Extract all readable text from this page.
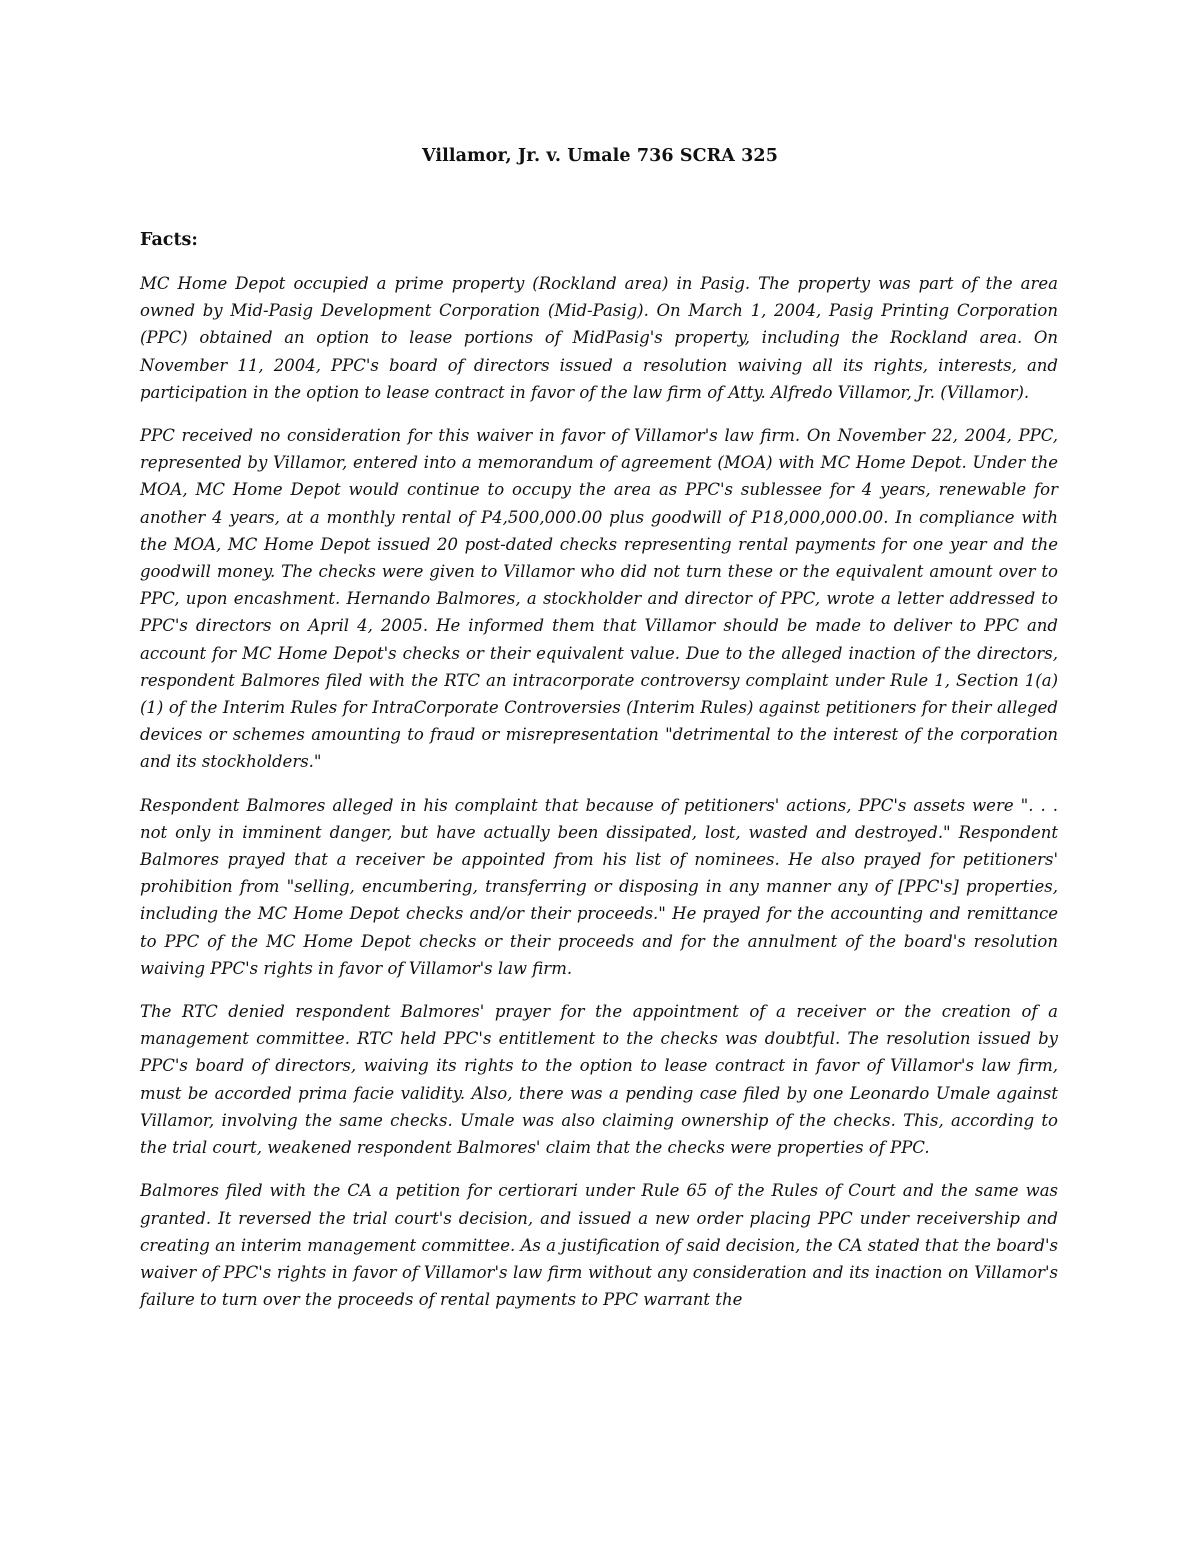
Villamor, Jr. v. Umale 736 SCRA 325
Facts:

MC Home Depot occupied a prime property (Rockland area) in Pasig. The property was part of the area owned by Mid-Pasig Development Corporation (Mid-Pasig). On March 1, 2004, Pasig Printing Corporation (PPC) obtained an option to lease portions of MidPasig's property, including the Rockland area. On November 11, 2004, PPC's board of directors issued a resolution waiving all its rights, interests, and participation in the option to lease contract in favor of the law firm of Atty. Alfredo Villamor, Jr. (Villamor).

PPC received no consideration for this waiver in favor of Villamor's law firm. On November 22, 2004, PPC, represented by Villamor, entered into a memorandum of agreement (MOA) with MC Home Depot. Under the MOA, MC Home Depot would continue to occupy the area as PPC's sublessee for 4 years, renewable for another 4 years, at a monthly rental of P4,500,000.00 plus goodwill of P18,000,000.00. In compliance with the MOA, MC Home Depot issued 20 post-dated checks representing rental payments for one year and the goodwill money. The checks were given to Villamor who did not turn these or the equivalent amount over to PPC, upon encashment. Hernando Balmores, a stockholder and director of PPC, wrote a letter addressed to PPC's directors on April 4, 2005. He informed them that Villamor should be made to deliver to PPC and account for MC Home Depot's checks or their equivalent value. Due to the alleged inaction of the directors, respondent Balmores filed with the RTC an intracorporate controversy complaint under Rule 1, Section 1(a)(1) of the Interim Rules for IntraCorporate Controversies (Interim Rules) against petitioners for their alleged devices or schemes amounting to fraud or misrepresentation "detrimental to the interest of the corporation and its stockholders."

Respondent Balmores alleged in his complaint that because of petitioners' actions, PPC's assets were ". . . not only in imminent danger, but have actually been dissipated, lost, wasted and destroyed." Respondent Balmores prayed that a receiver be appointed from his list of nominees. He also prayed for petitioners' prohibition from "selling, encumbering, transferring or disposing in any manner any of [PPC's] properties, including the MC Home Depot checks and/or their proceeds." He prayed for the accounting and remittance to PPC of the MC Home Depot checks or their proceeds and for the annulment of the board's resolution waiving PPC's rights in favor of Villamor's law firm.

The RTC denied respondent Balmores' prayer for the appointment of a receiver or the creation of a management committee. RTC held PPC's entitlement to the checks was doubtful. The resolution issued by PPC's board of directors, waiving its rights to the option to lease contract in favor of Villamor's law firm, must be accorded prima facie validity. Also, there was a pending case filed by one Leonardo Umale against Villamor, involving the same checks. Umale was also claiming ownership of the checks. This, according to the trial court, weakened respondent Balmores' claim that the checks were properties of PPC.

Balmores filed with the CA a petition for certiorari under Rule 65 of the Rules of Court and the same was granted. It reversed the trial court's decision, and issued a new order placing PPC under receivership and creating an interim management committee. As a justification of said decision, the CA stated that the board's waiver of PPC's rights in favor of Villamor's law firm without any consideration and its inaction on Villamor's failure to turn over the proceeds of rental payments to PPC warrant the
